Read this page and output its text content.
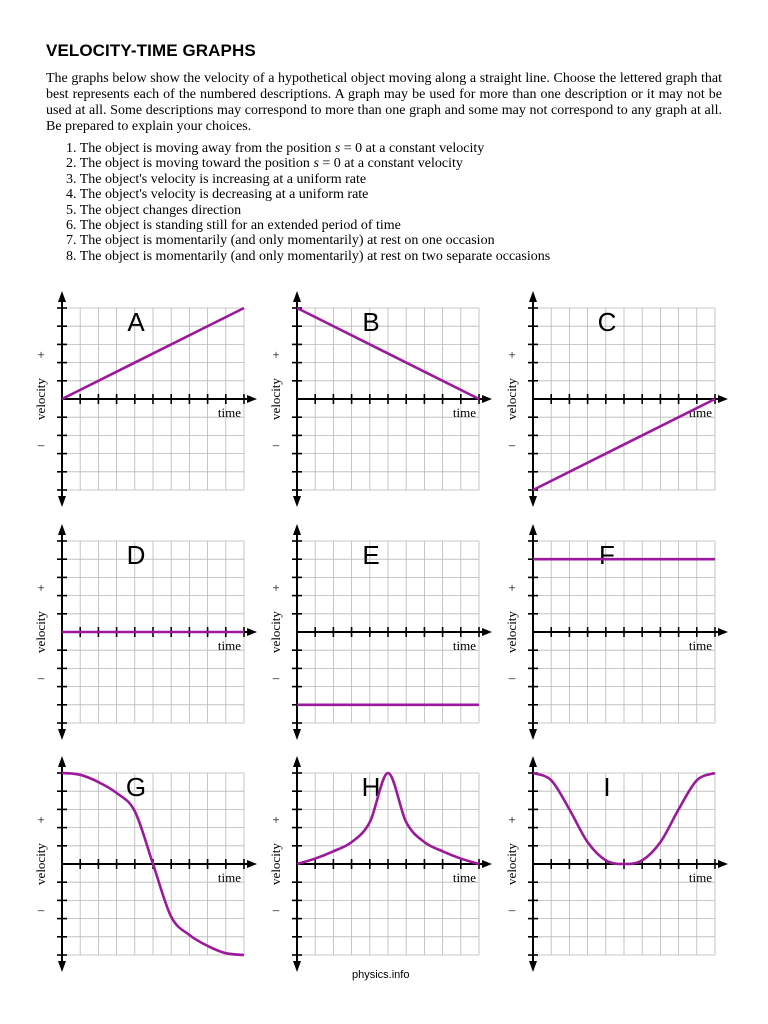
VELOCITY-TIME GRAPHS
The graphs below show the velocity of a hypothetical object moving along a straight line. Choose the lettered graph that best represents each of the numbered descriptions. A graph may be used for more than one description or it may not be used at all. Some descriptions may correspond to more than one graph and some may not correspond to any graph at all. Be prepared to explain your choices.
1. The object is moving away from the position s = 0 at a constant velocity
2. The object is moving toward the position s = 0 at a constant velocity
3. The object's velocity is increasing at a uniform rate
4. The object's velocity is decreasing at a uniform rate
5. The object changes direction
6. The object is standing still for an extended period of time
7. The object is momentarily (and only momentarily) at rest on one occasion
8. The object is momentarily (and only momentarily) at rest on two separate occasions
time
velocity
+
–
A
time
velocity
+
–
B
time
velocity
+
–
C
time
velocity
+
–
D
time
velocity
+
–
E
time
velocity
+
–
F
time
velocity
+
–
G
time
velocity
+
–
H
time
velocity
+
–
I
physics.info
